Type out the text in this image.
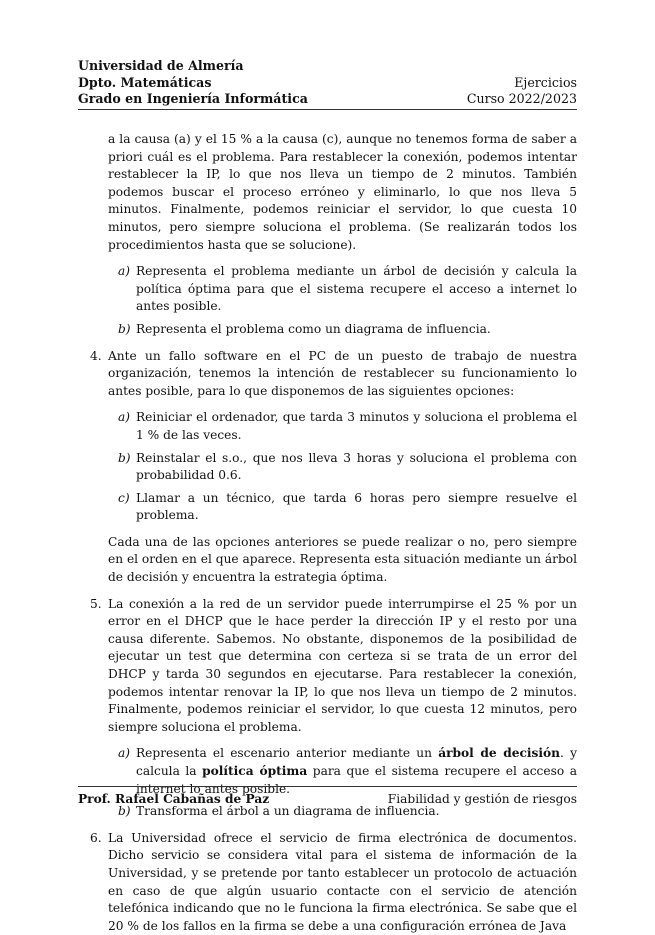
Universidad de Almería
Dpto. Matemáticas	Ejercicios
Grado en Ingeniería Informática	Curso 2022/2023

a la causa (a) y el 15 % a la causa (c), aunque no tenemos forma de saber a priori cuál es el problema. Para restablecer la conexión, podemos intentar restablecer la IP, lo que nos lleva un tiempo de 2 minutos. También podemos buscar el proceso erróneo y eliminarlo, lo que nos lleva 5 minutos. Finalmente, podemos reiniciar el servidor, lo que cuesta 10 minutos, pero siempre soluciona el problema. (Se realizarán todos los procedimientos hasta que se solucione).

a) Representa el problema mediante un árbol de decisión y calcula la política óptima para que el sistema recupere el acceso a internet lo antes posible.
b) Representa el problema como un diagrama de influencia.
4. Ante un fallo software en el PC de un puesto de trabajo de nuestra organización, tenemos la intención de restablecer su funcionamiento lo antes posible, para lo que disponemos de las siguientes opciones:

a) Reiniciar el ordenador, que tarda 3 minutos y soluciona el problema el 1 % de las veces.
b) Reinstalar el s.o., que nos lleva 3 horas y soluciona el problema con probabilidad 0.6.
c) Llamar a un técnico, que tarda 6 horas pero siempre resuelve el problema.

Cada una de las opciones anteriores se puede realizar o no, pero siempre en el orden en el que aparece. Representa esta situación mediante un árbol de decisión y encuentra la estrategia óptima.

5. La conexión a la red de un servidor puede interrumpirse el 25 % por un error en el DHCP que le hace perder la dirección IP y el resto por una causa diferente. Sabemos. No obstante, disponemos de la posibilidad de ejecutar un test que determina con certeza si se trata de un error del DHCP y tarda 30 segundos en ejecutarse. Para restablecer la conexión, podemos intentar renovar la IP, lo que nos lleva un tiempo de 2 minutos. Finalmente, podemos reiniciar el servidor, lo que cuesta 12 minutos, pero siempre soluciona el problema.

a) Representa el escenario anterior mediante un árbol de decisión. y calcula la política óptima para que el sistema recupere el acceso a internet lo antes posible.
b) Transforma el árbol a un diagrama de influencia.
6. La Universidad ofrece el servicio de firma electrónica de documentos. Dicho servicio se considera vital para el sistema de información de la Universidad, y se pretende por tanto establecer un protocolo de actuación en caso de que algún usuario contacte con el servicio de atención telefónica indicando que no le funciona la firma electrónica. Se sabe que el 20 % de los fallos en la firma se debe a una configuración errónea de Java

Prof. Rafael Cabañas de Paz	Fiabilidad y gestión de riesgos
